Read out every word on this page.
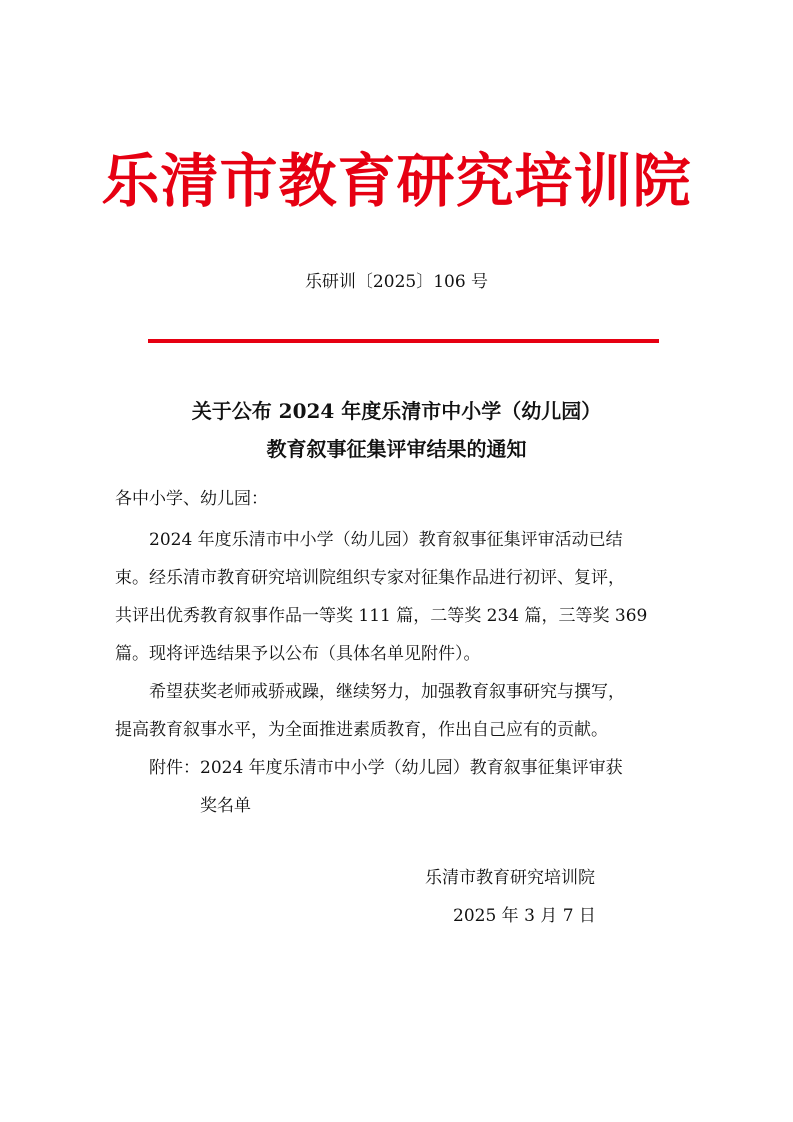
乐清市教育研究培训院
乐研训〔2025〕106 号
关于公布 2024 年度乐清市中小学（幼儿园）
教育叙事征集评审结果的通知
各中小学、幼儿园：
　　2024 年度乐清市中小学（幼儿园）教育叙事征集评审活动已结
束。经乐清市教育研究培训院组织专家对征集作品进行初评、复评，
共评出优秀教育叙事作品一等奖 111 篇，二等奖 234 篇，三等奖 369
篇。现将评选结果予以公布（具体名单见附件）。
　　希望获奖老师戒骄戒躁，继续努力，加强教育叙事研究与撰写，
提高教育叙事水平，为全面推进素质教育，作出自己应有的贡献。
　　附件：2024 年度乐清市中小学（幼儿园）教育叙事征集评审获
　　　　　奖名单
乐清市教育研究培训院
2025 年 3 月 7 日
